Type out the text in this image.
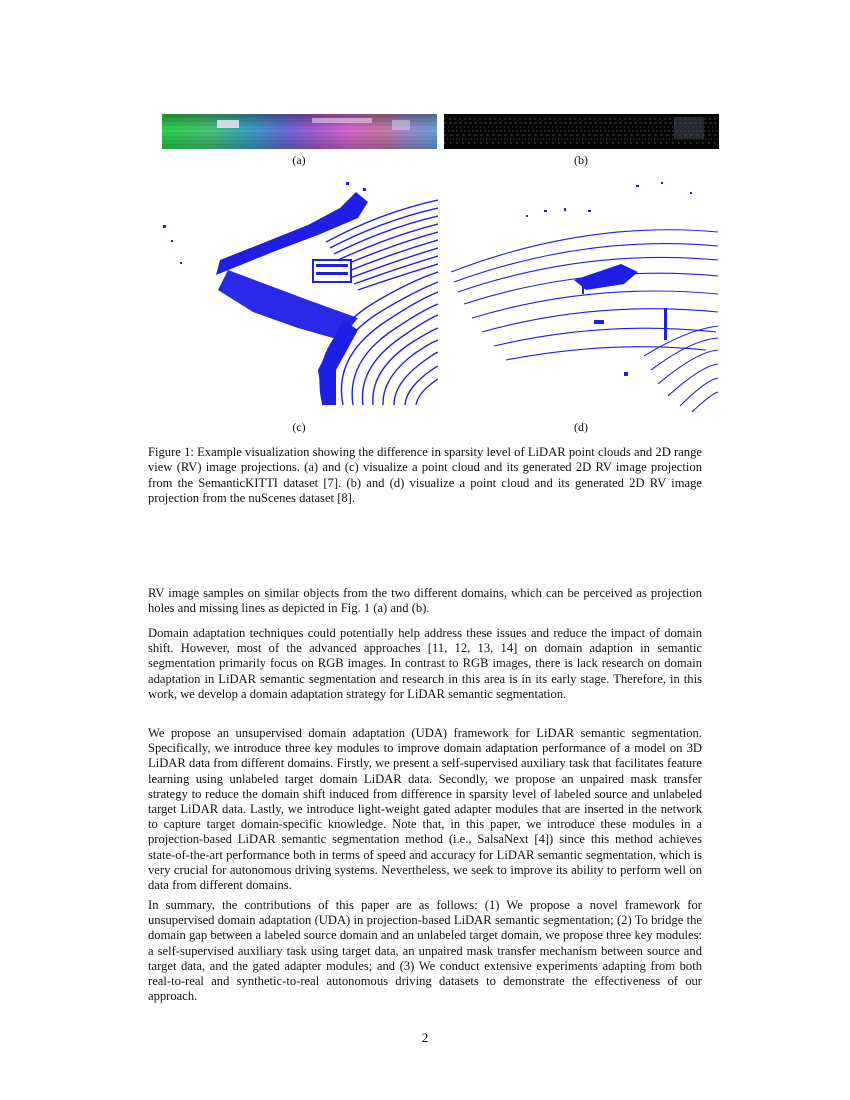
(a)	(b)
(c)	(d)
Figure 1: Example visualization showing the difference in sparsity level of LiDAR point clouds and 2D range view (RV) image projections. (a) and (c) visualize a point cloud and its generated 2D RV image projection from the SemanticKITTI dataset [7]. (b) and (d) visualize a point cloud and its generated 2D RV image projection from the nuScenes dataset [8].
RV image samples on similar objects from the two different domains, which can be perceived as projection holes and missing lines as depicted in Fig. 1 (a) and (b).
Domain adaptation techniques could potentially help address these issues and reduce the impact of domain shift. However, most of the advanced approaches [11, 12, 13, 14] on domain adaption in semantic segmentation primarily focus on RGB images. In contrast to RGB images, there is lack research on domain adaptation in LiDAR semantic segmentation and research in this area is in its early stage. Therefore, in this work, we develop a domain adaptation strategy for LiDAR semantic segmentation.
We propose an unsupervised domain adaptation (UDA) framework for LiDAR semantic segmentation. Specifically, we introduce three key modules to improve domain adaptation performance of a model on 3D LiDAR data from different domains. Firstly, we present a self-supervised auxiliary task that facilitates feature learning using unlabeled target domain LiDAR data. Secondly, we propose an unpaired mask transfer strategy to reduce the domain shift induced from difference in sparsity level of labeled source and unlabeled target LiDAR data. Lastly, we introduce light-weight gated adapter modules that are inserted in the network to capture target domain-specific knowledge. Note that, in this paper, we introduce these modules in a projection-based LiDAR semantic segmentation method (i.e., SalsaNext [4]) since this method achieves state-of-the-art performance both in terms of speed and accuracy for LiDAR semantic segmentation, which is very crucial for autonomous driving systems. Nevertheless, we seek to improve its ability to perform well on data from different domains.
In summary, the contributions of this paper are as follows: (1) We propose a novel framework for unsupervised domain adaptation (UDA) in projection-based LiDAR semantic segmentation; (2) To bridge the domain gap between a labeled source domain and an unlabeled target domain, we propose three key modules: a self-supervised auxiliary task using target data, an unpaired mask transfer mechanism between source and target data, and the gated adapter modules; and (3) We conduct extensive experiments adapting from both real-to-real and synthetic-to-real autonomous driving datasets to demonstrate the effectiveness of our approach.
2
